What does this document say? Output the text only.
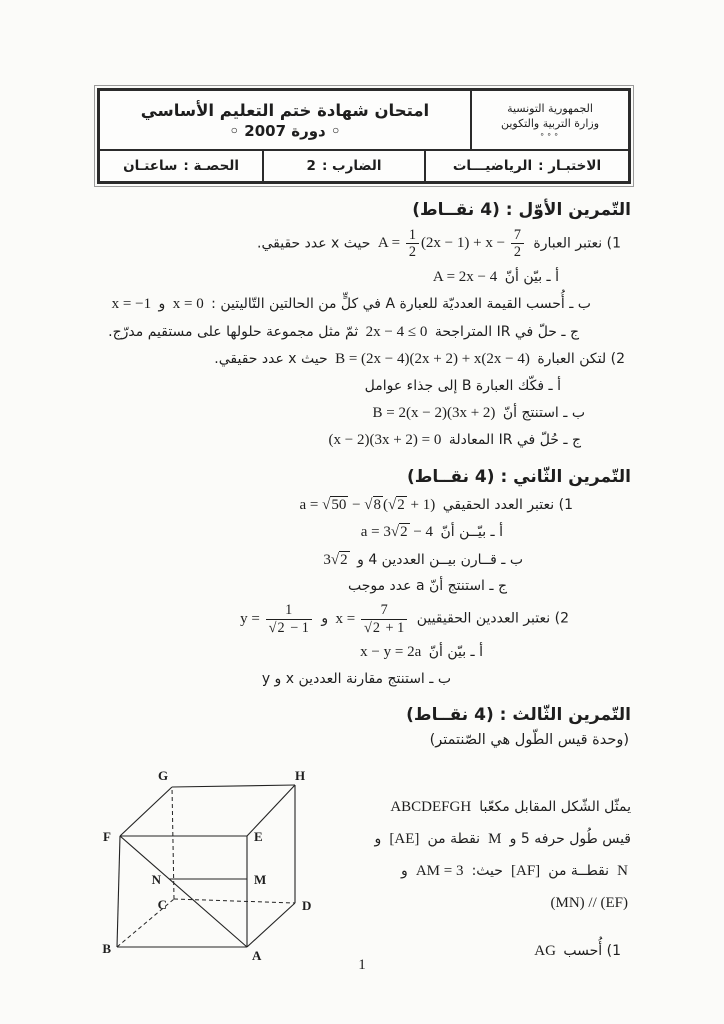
الجمهورية التونسية
وزارة التربية والتكوين
∘∘∘
امتحان شهادة ختم التعليم الأساسي
◦ دورة 2007 ◦
الاختبـار :
الرياضيـــات
الضارب :
2
الحصـة :
ساعتـان
التّمرين الأوّل : (4 نقــاط)
1) نعتبر العبارة $A = \frac{1}{2} (2x - 1) + x - \frac{7}{2}$
حيث x عدد حقيقي.
أ ـ بيّن أنّ A = 2x − 4
ب ـ أُحسب القيمة العدديّة للعبارة A في كلٍّ من الحالتين التّاليتين : x = 0 و x = −1
ج ـ حلّ في IR المتراجحة 2x − 4 ≤ 0 ثمّ مثل مجموعة حلولها على مستقيم مدرّج.
2) لتكن العبارة B = (2x − 4)(2x + 2) + x(2x − 4) حيث x عدد حقيقي.
أ ـ فكّك العبارة B إلى جذاء عوامل
ب ـ استنتج أنّ B = 2(x − 2)(3x + 2)
ج ـ حُلّ في IR المعادلة (x − 2)(3x + 2) = 0
التّمرين الثّاني : (4 نقــاط)
1) نعتبر العدد الحقيقي a = √50 − √8 (√2 + 1)
أ ـ بيّــن أنّ a = 3√2 − 4
ب ـ قــارن بيــن العددين 4 و 3√2
ج ـ استنتج أنّ a عدد موجب
2) نعتبر العددين الحقيقيين $x = \frac{7}{√2 + 1}$
و $y = \frac{1}{√2 - 1}$
أ ـ بيّن أنّ x − y = 2a
ب ـ استنتج مقارنة العددين x و y
التّمرين الثّالث : (4 نقــاط)
(وحدة قيس الطّول هي الصّنتمتر)
يمثّل الشّكل المقابل مكعّبا ABCDEFGH قيس طُول حرفه 5 و M نقطة من [AE] و N نقطــة من [AF] حيث: AM = 3 و (MN) // (EF)
1) أُحسب AG
G	H
F	E
N	M
C	D
B	A
1
